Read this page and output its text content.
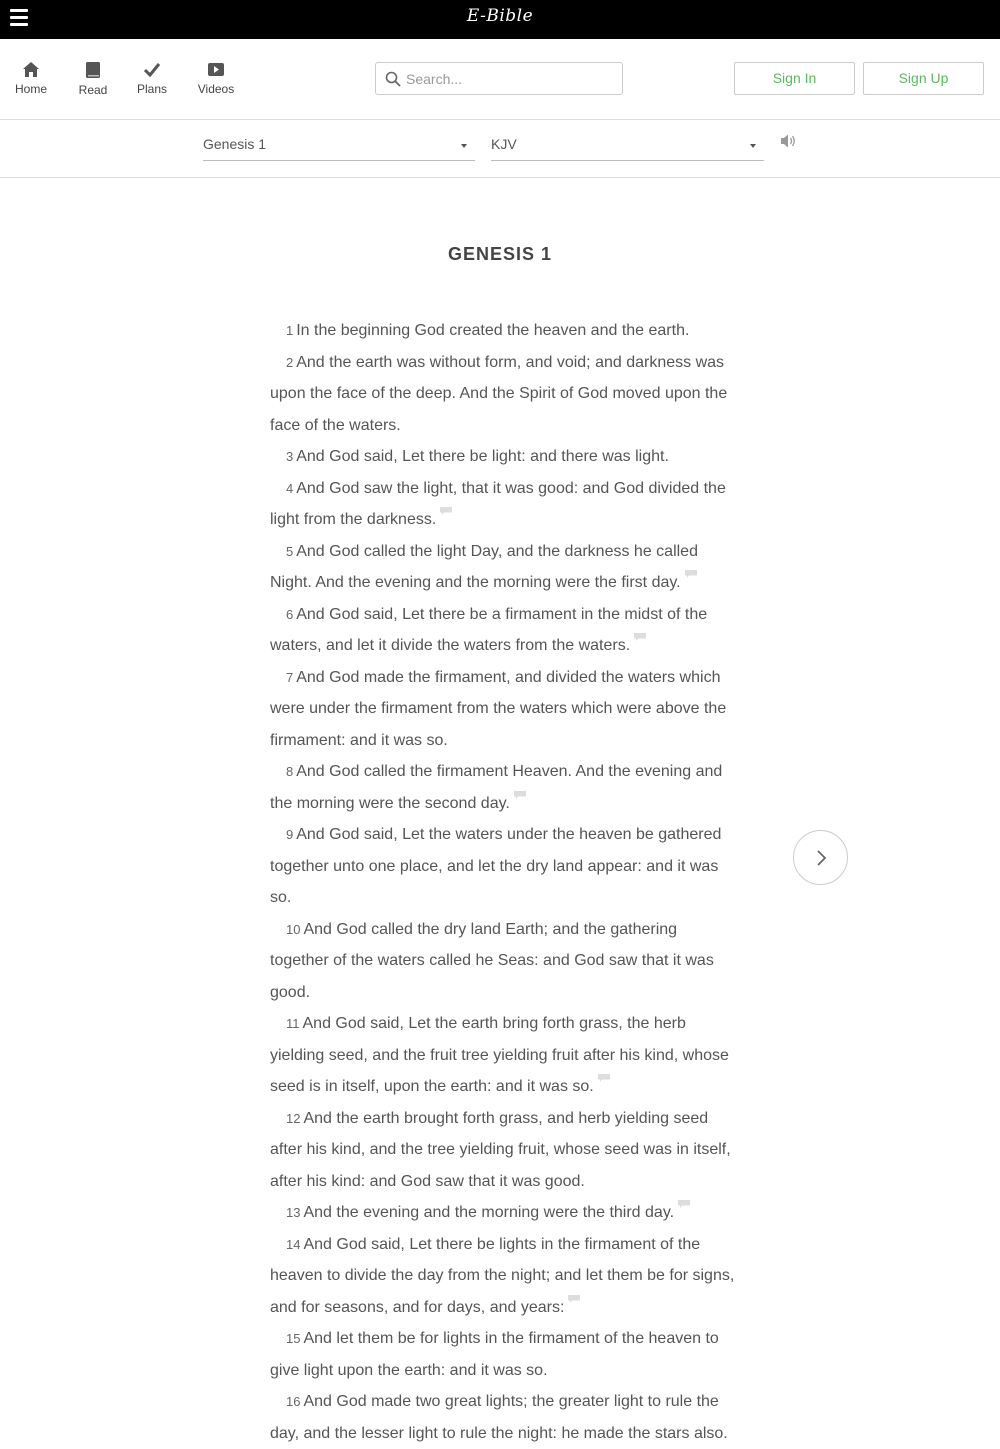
E-Bible
Home	Read Plans	Videos
Search...
Sign In	Sign Up
Genesis 1	KJV
GENESIS 1

1 In the beginning God created the heaven and the earth.

2 And the earth was without form, and void; and darkness was upon the face of the deep. And the Spirit of God moved upon the face of the waters.

3 And God said, Let there be light: and there was light.

4 And God saw the light, that it was good: and God divided the light from the darkness.

5 And God called the light Day, and the darkness he called Night. And the evening and the morning were the first day.

6 And God said, Let there be a firmament in the midst of the waters, and let it divide the waters from the waters.

7 And God made the firmament, and divided the waters which were under the firmament from the waters which were above the firmament: and it was so.

8 And God called the firmament Heaven. And the evening and the morning were the second day.

9 And God said, Let the waters under the heaven be gathered together unto one place, and let the dry land appear: and it was so.

10 And God called the dry land Earth; and the gathering together of the waters called he Seas: and God saw that it was good.

11 And God said, Let the earth bring forth grass, the herb yielding seed, and the fruit tree yielding fruit after his kind, whose seed is in itself, upon the earth: and it was so.

12 And the earth brought forth grass, and herb yielding seed after his kind, and the tree yielding fruit, whose seed was in itself, after his kind: and God saw that it was good.

13 And the evening and the morning were the third day.

14 And God said, Let there be lights in the firmament of the heaven to divide the day from the night; and let them be for signs, and for seasons, and for days, and years:

15 And let them be for lights in the firmament of the heaven to give light upon the earth: and it was so.

16 And God made two great lights; the greater light to rule the day, and the lesser light to rule the night: he made the stars also.
